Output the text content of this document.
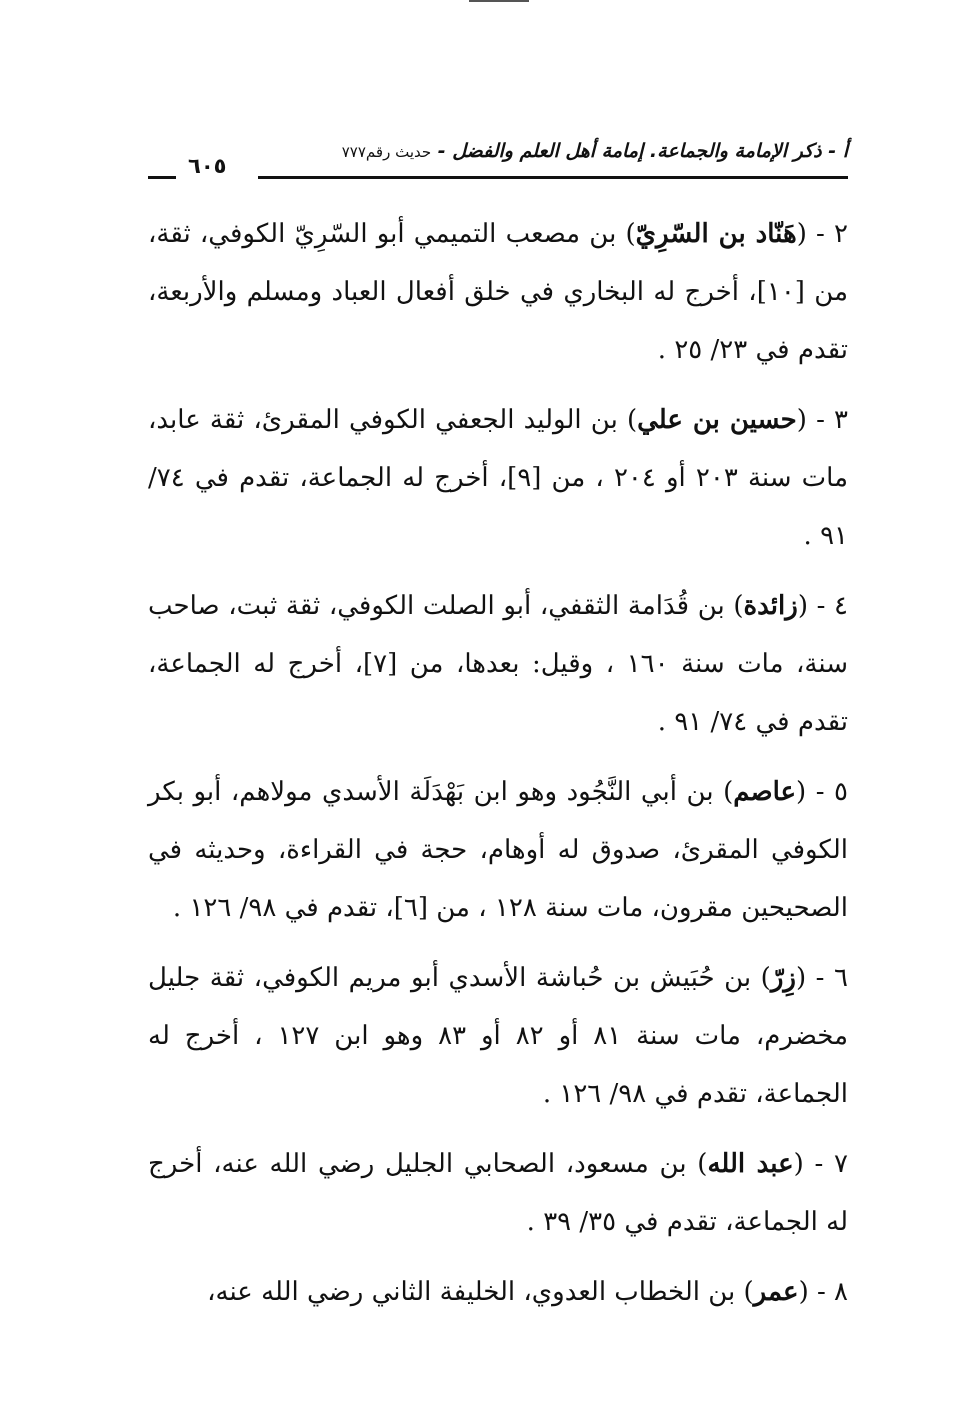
أ - ذكر الإمامة والجماعة. إمامة أهل العلم والفضل - حديث رقم٧٧٧
٦٠٥

٢ - (هَنّاد بن السّرِيّ) بن مصعب التميمي أبو السّرِيّ الكوفي، ثقة، من [١٠]، أخرج له البخاري في خلق أفعال العباد ومسلم والأربعة، تقدم في ٢٣/ ٢٥ .

٣ - (حسين بن علي) بن الوليد الجعفي الكوفي المقرئ، ثقة عابد، مات سنة ٢٠٣ أو ٢٠٤ ، من [٩]، أخرج له الجماعة، تقدم في ٧٤/ ٩١ .

٤ - (زائدة) بن قُدَامة الثقفي، أبو الصلت الكوفي، ثقة ثبت، صاحب سنة، مات سنة ١٦٠ ، وقيل: بعدها، من [٧]، أخرج له الجماعة، تقدم في ٧٤/ ٩١ .

٥ - (عاصم) بن أبي النَّجُود وهو ابن بَهْدَلَة الأسدي مولاهم، أبو بكر الكوفي المقرئ، صدوق له أوهام، حجة في القراءة، وحديثه في الصحيحين مقرون، مات سنة ١٢٨ ، من [٦]، تقدم في ٩٨/ ١٢٦ .

٦ - (زِرّ) بن حُبَيش بن حُباشة الأسدي أبو مريم الكوفي، ثقة جليل مخضرم، مات سنة ٨١ أو ٨٢ أو ٨٣ وهو ابن ١٢٧ ، أخرج له الجماعة، تقدم في ٩٨/ ١٢٦ .

٧ - (عبد الله) بن مسعود، الصحابي الجليل رضي الله عنه، أخرج له الجماعة، تقدم في ٣٥/ ٣٩ .

٨ - (عمر) بن الخطاب العدوي، الخليفة الثاني رضي الله عنه،
